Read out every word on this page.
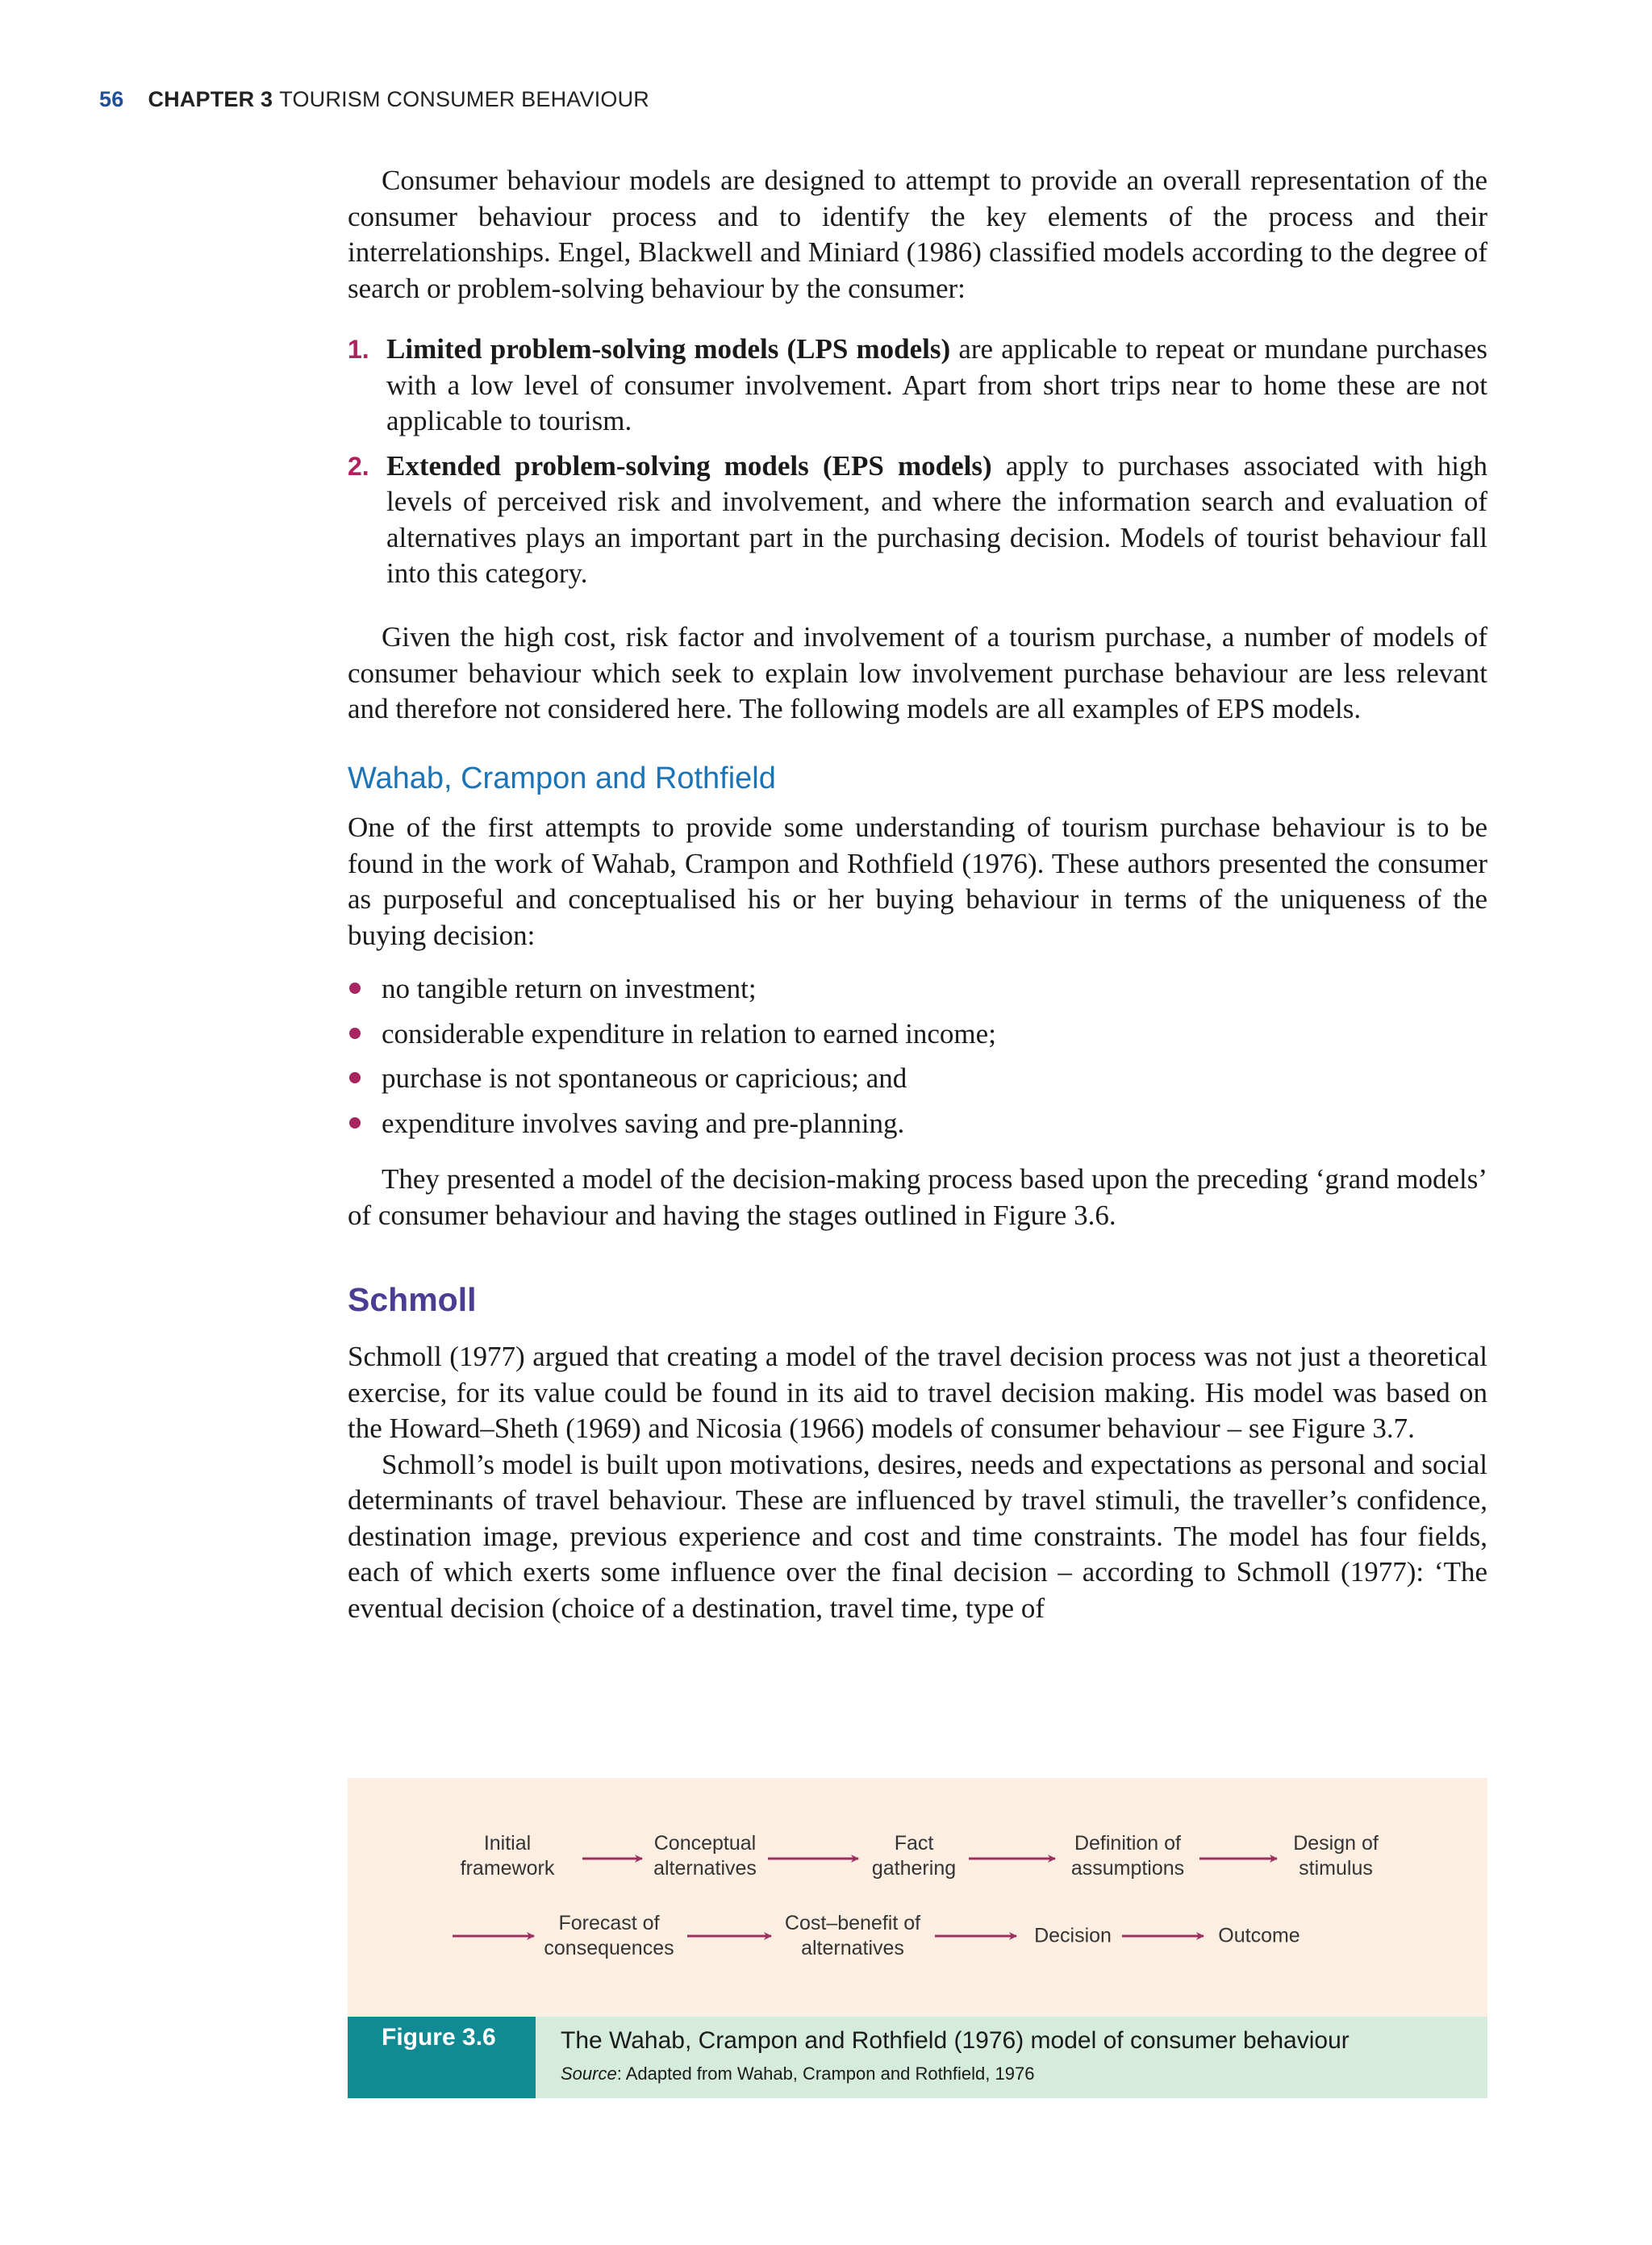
56 CHAPTER 3 TOURISM CONSUMER BEHAVIOUR

Consumer behaviour models are designed to attempt to provide an overall representation of the consumer behaviour process and to identify the key elements of the process and their interrelationships. Engel, Blackwell and Miniard (1986) classified models according to the degree of search or problem-solving behaviour by the consumer:

1. Limited problem-solving models (LPS models) are applicable to repeat or mundane purchases with a low level of consumer involvement. Apart from short trips near to home these are not applicable to tourism.
2. Extended problem-solving models (EPS models) apply to purchases associated with high levels of perceived risk and involvement, and where the information search and evaluation of alternatives plays an important part in the purchasing decision. Models of tourist behaviour fall into this category.

Given the high cost, risk factor and involvement of a tourism purchase, a number of models of consumer behaviour which seek to explain low involvement purchase behaviour are less relevant and therefore not considered here. The following models are all examples of EPS models.

Wahab, Crampon and Rothfield

One of the first attempts to provide some understanding of tourism purchase behaviour is to be found in the work of Wahab, Crampon and Rothfield (1976). These authors presented the consumer as purposeful and conceptualised his or her buying behaviour in terms of the uniqueness of the buying decision:

no tangible return on investment;
considerable expenditure in relation to earned income;
purchase is not spontaneous or capricious; and
expenditure involves saving and pre-planning.

They presented a model of the decision-making process based upon the preceding ‘grand models’ of consumer behaviour and having the stages outlined in Figure 3.6.

Schmoll

Schmoll (1977) argued that creating a model of the travel decision process was not just a theoretical exercise, for its value could be found in its aid to travel decision making. His model was based on the Howard–Sheth (1969) and Nicosia (1966) models of consumer behaviour – see Figure 3.7.

Schmoll’s model is built upon motivations, desires, needs and expectations as personal and social determinants of travel behaviour. These are influenced by travel stimuli, the traveller’s confidence, destination image, previous experience and cost and time constraints. The model has four fields, each of which exerts some influence over the final decision – according to Schmoll (1977): ‘The eventual decision (choice of a destination, travel time, type of

Initial
framework
Conceptual
alternatives
Fact
gathering
Definition of
assumptions
Design of
stimulus
Forecast of
consequences
Cost–benefit of
alternatives
Decision	Outcome
Figure 3.6	The Wahab, Crampon and Rothfield (1976) model of consumer behaviour
Source: Adapted from Wahab, Crampon and Rothfield, 1976
